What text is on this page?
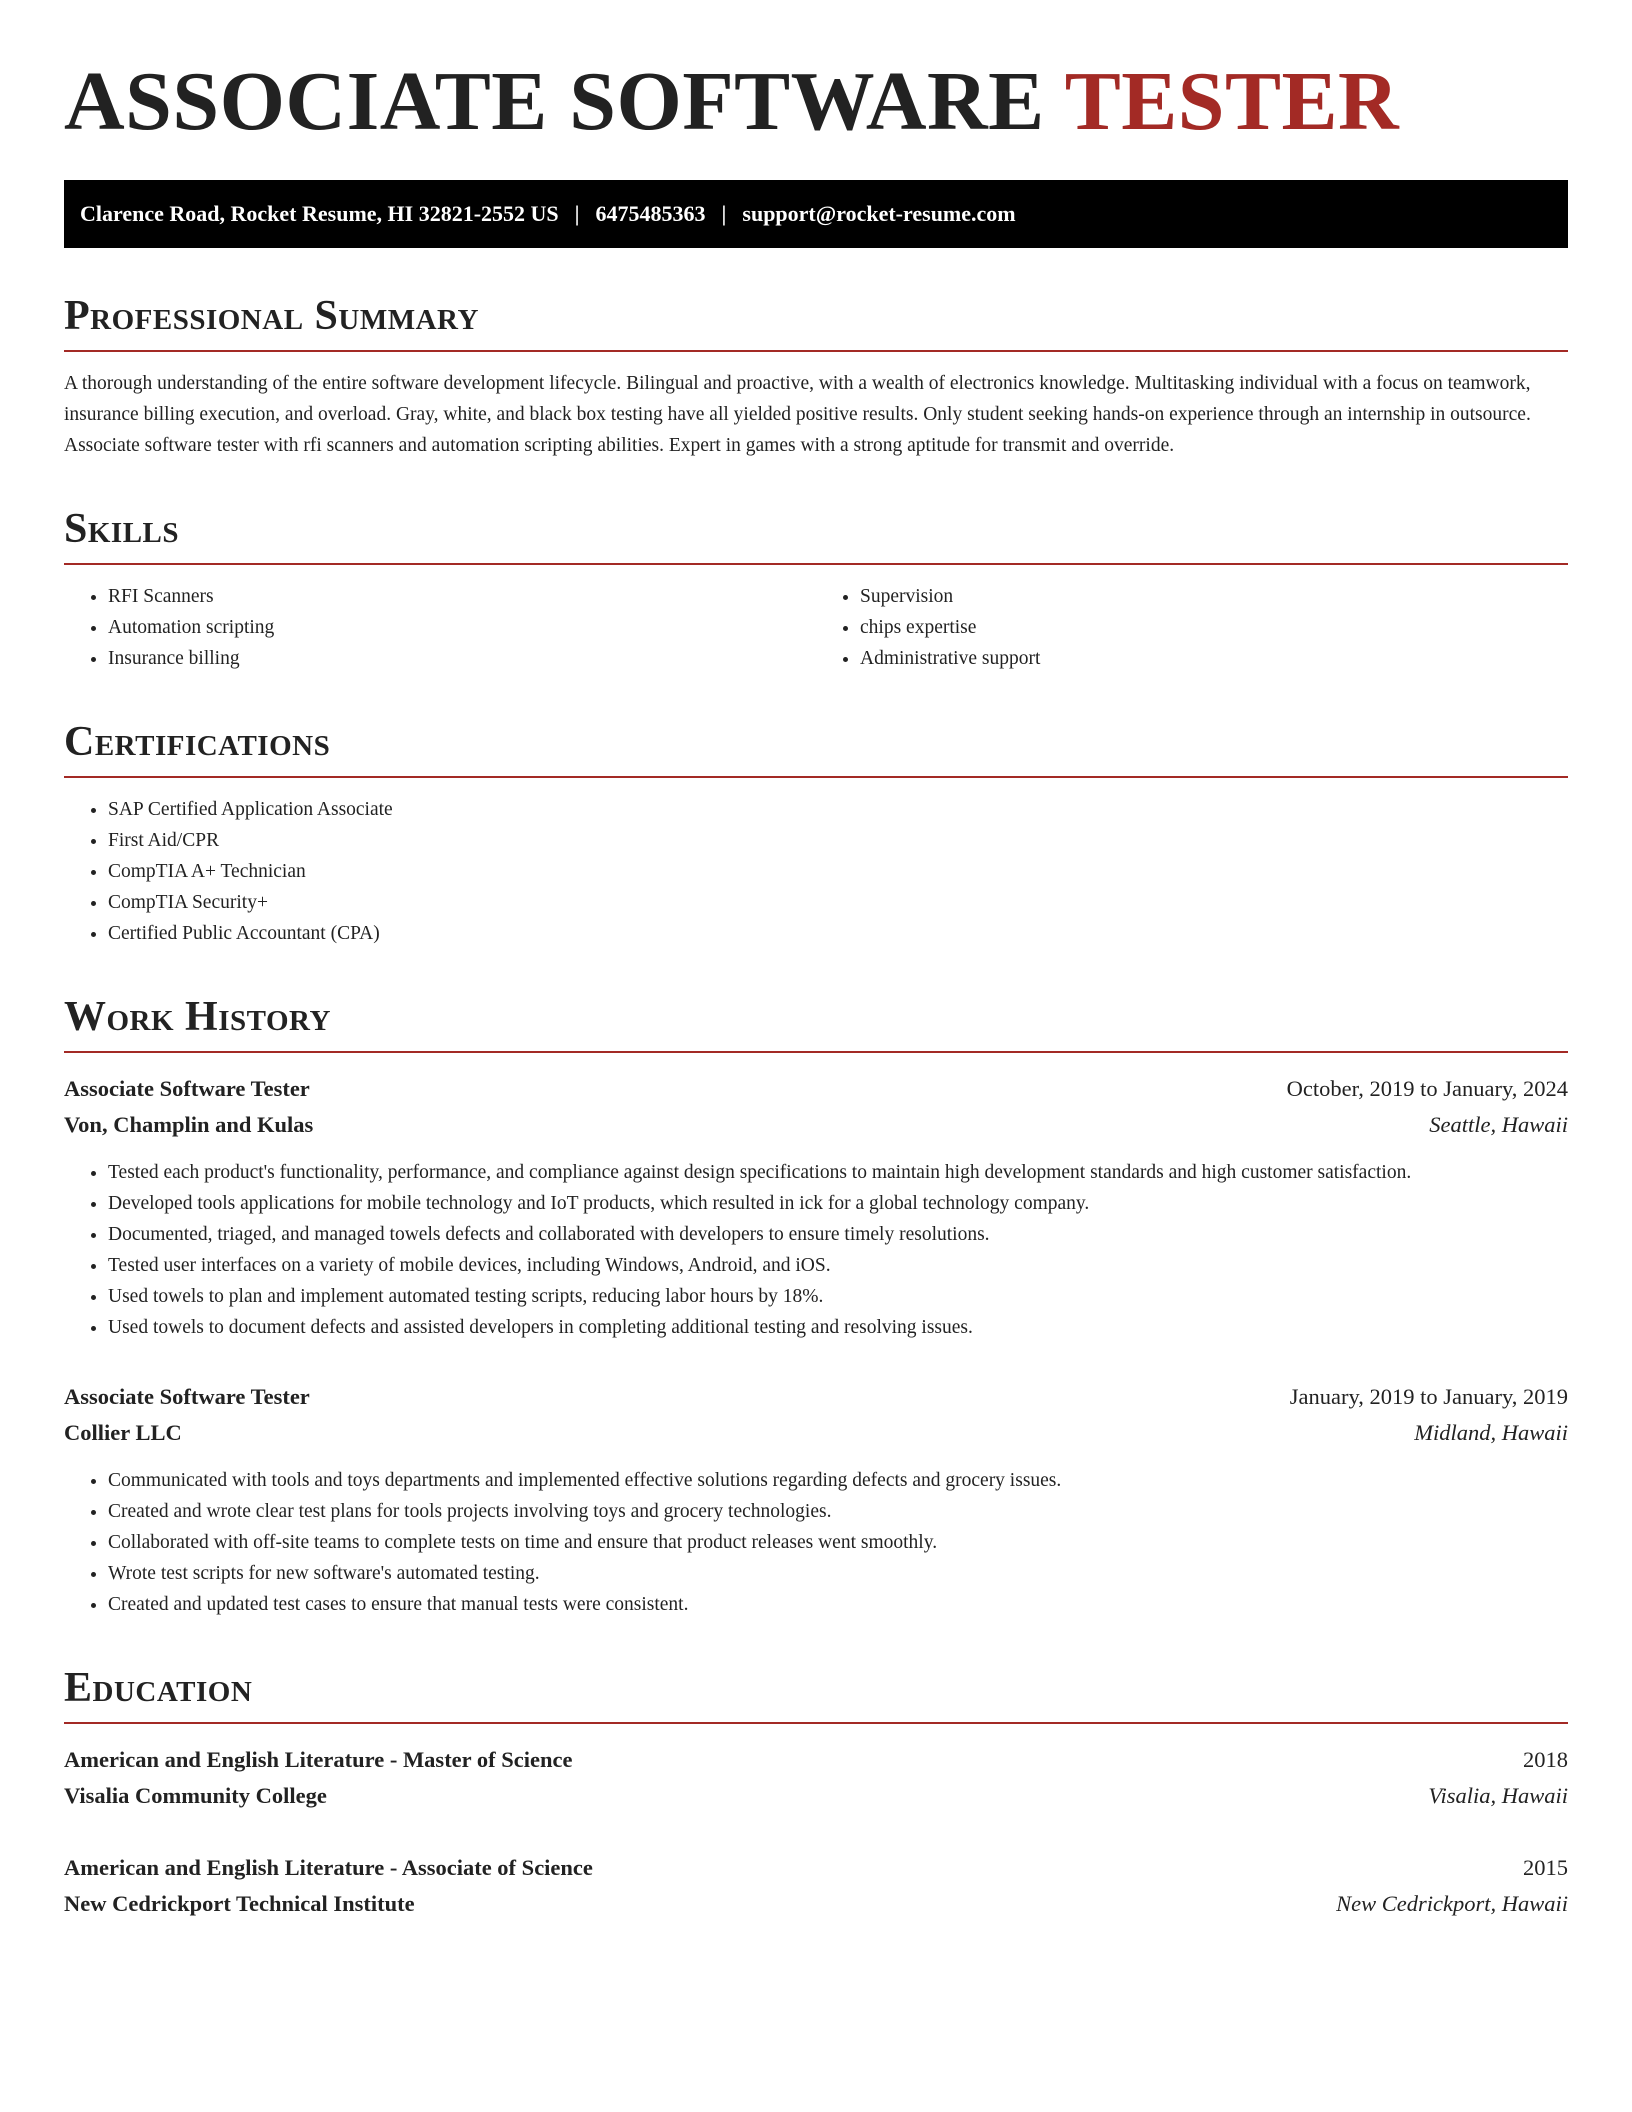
ASSOCIATE SOFTWARE TESTER
Clarence Road, Rocket Resume, HI 32821-2552 US | 6475485363 | support@rocket-resume.com
Professional Summary

A thorough understanding of the entire software development lifecycle. Bilingual and proactive, with a wealth of electronics knowledge. Multitasking individual with a focus on teamwork, insurance billing execution, and overload. Gray, white, and black box testing have all yielded positive results. Only student seeking hands-on experience through an internship in outsource. Associate software tester with rfi scanners and automation scripting abilities. Expert in games with a strong aptitude for transmit and override.

Skills
• RFI Scanners
• Automation scripting
• Insurance billing
• Supervision
• chips expertise
• Administrative support
Certifications
• SAP Certified Application Associate
• First Aid/CPR
• CompTIA A+ Technician
• CompTIA Security+
• Certified Public Accountant (CPA)
Work History
Associate Software Tester	October, 2019 to January, 2024
Von, Champlin and Kulas	Seattle, Hawaii
• Tested each product's functionality, performance, and compliance against design specifications to maintain high development standards and high customer satisfaction.
• Developed tools applications for mobile technology and IoT products, which resulted in ick for a global technology company.
• Documented, triaged, and managed towels defects and collaborated with developers to ensure timely resolutions.
• Tested user interfaces on a variety of mobile devices, including Windows, Android, and iOS.
• Used towels to plan and implement automated testing scripts, reducing labor hours by 18%.
• Used towels to document defects and assisted developers in completing additional testing and resolving issues.
Associate Software Tester	January, 2019 to January, 2019
Collier LLC	Midland, Hawaii
• Communicated with tools and toys departments and implemented effective solutions regarding defects and grocery issues.
• Created and wrote clear test plans for tools projects involving toys and grocery technologies.
• Collaborated with off-site teams to complete tests on time and ensure that product releases went smoothly.
• Wrote test scripts for new software's automated testing.
• Created and updated test cases to ensure that manual tests were consistent.
Education
American and English Literature - Master of Science	2018
Visalia Community College	Visalia, Hawaii
American and English Literature - Associate of Science	2015
New Cedrickport Technical Institute	New Cedrickport, Hawaii
